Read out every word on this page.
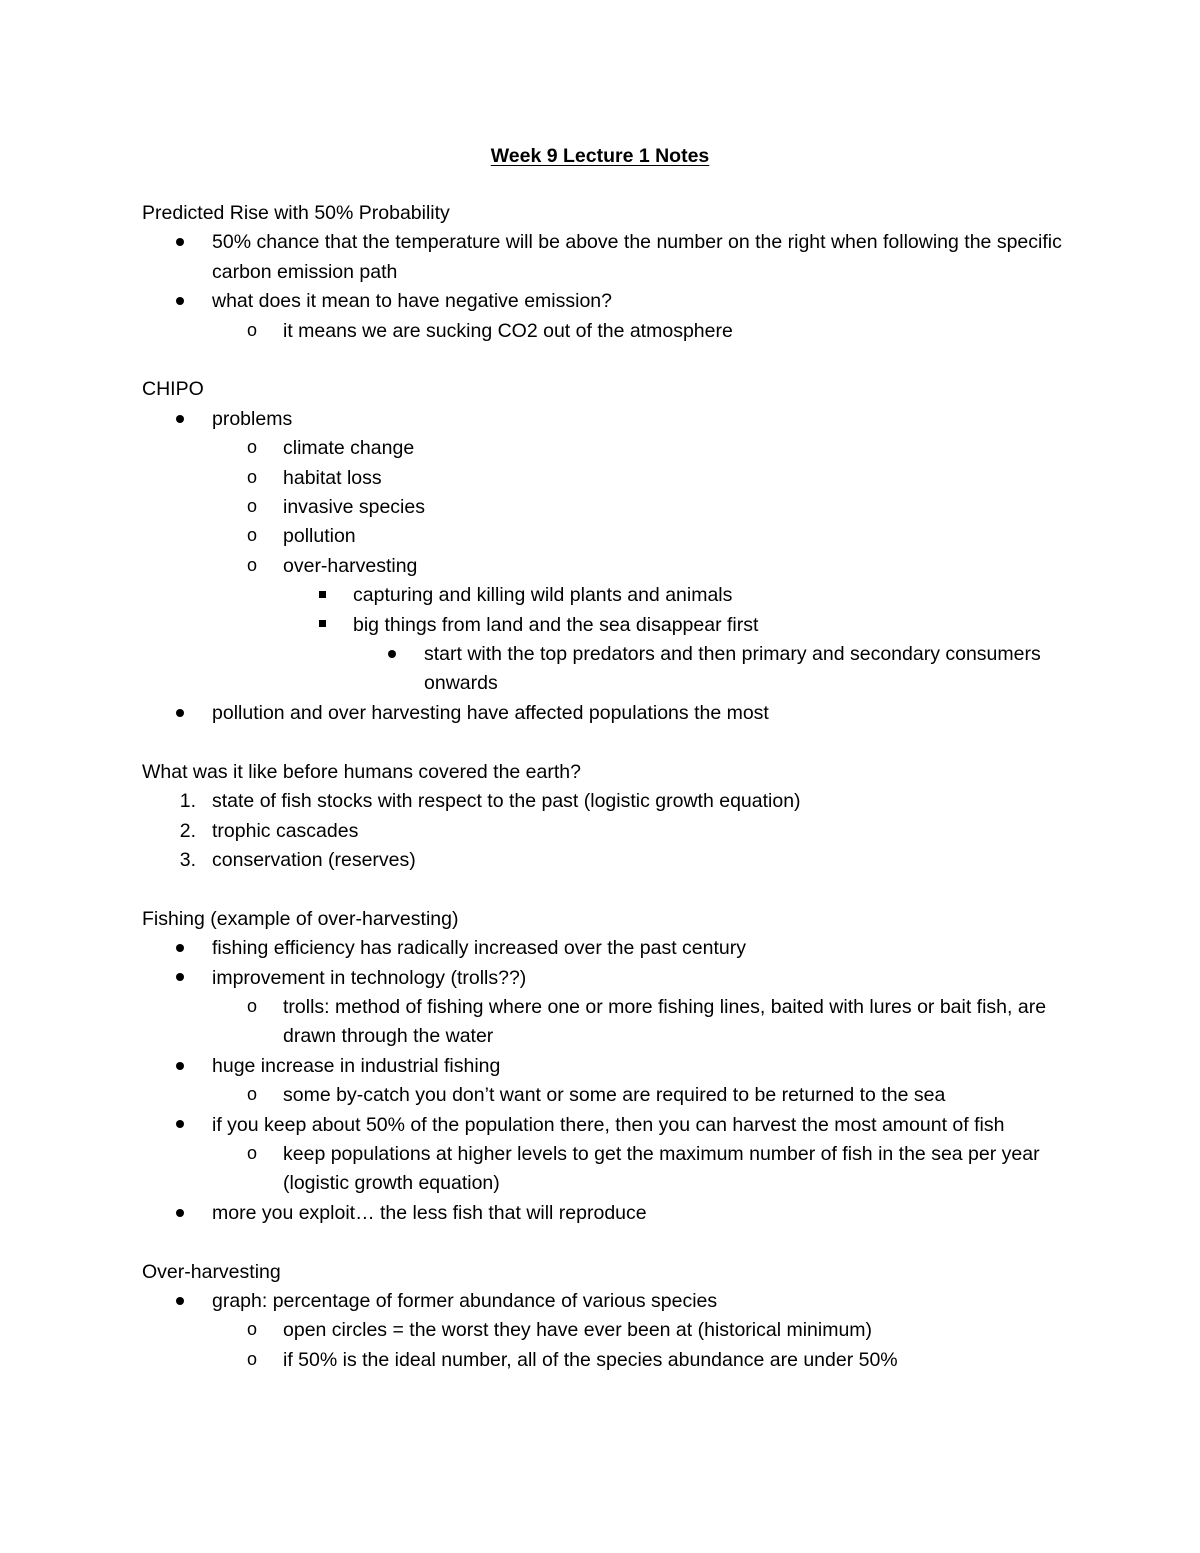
Week 9 Lecture 1 Notes
Predicted Rise with 50% Probability
50% chance that the temperature will be above the number on the right when following the specific carbon emission path
what does it mean to have negative emission?
o it means we are sucking CO2 out of the atmosphere
CHIPO
problems
o climate change
o habitat loss
o invasive species
o pollution
o over-harvesting
capturing and killing wild plants and animals
big things from land and the sea disappear first
start with the top predators and then primary and secondary consumers onwards
pollution and over harvesting have affected populations the most
What was it like before humans covered the earth?
1. state of fish stocks with respect to the past (logistic growth equation)
2. trophic cascades
3. conservation (reserves)
Fishing (example of over-harvesting)
fishing efficiency has radically increased over the past century
improvement in technology (trolls??)
o trolls: method of fishing where one or more fishing lines, baited with lures or bait fish, are drawn through the water
huge increase in industrial fishing
o some by-catch you don’t want or some are required to be returned to the sea
if you keep about 50% of the population there, then you can harvest the most amount of fish
o keep populations at higher levels to get the maximum number of fish in the sea per year (logistic growth equation)
more you exploit… the less fish that will reproduce
Over-harvesting
graph: percentage of former abundance of various species
o open circles = the worst they have ever been at (historical minimum)
o if 50% is the ideal number, all of the species abundance are under 50%
